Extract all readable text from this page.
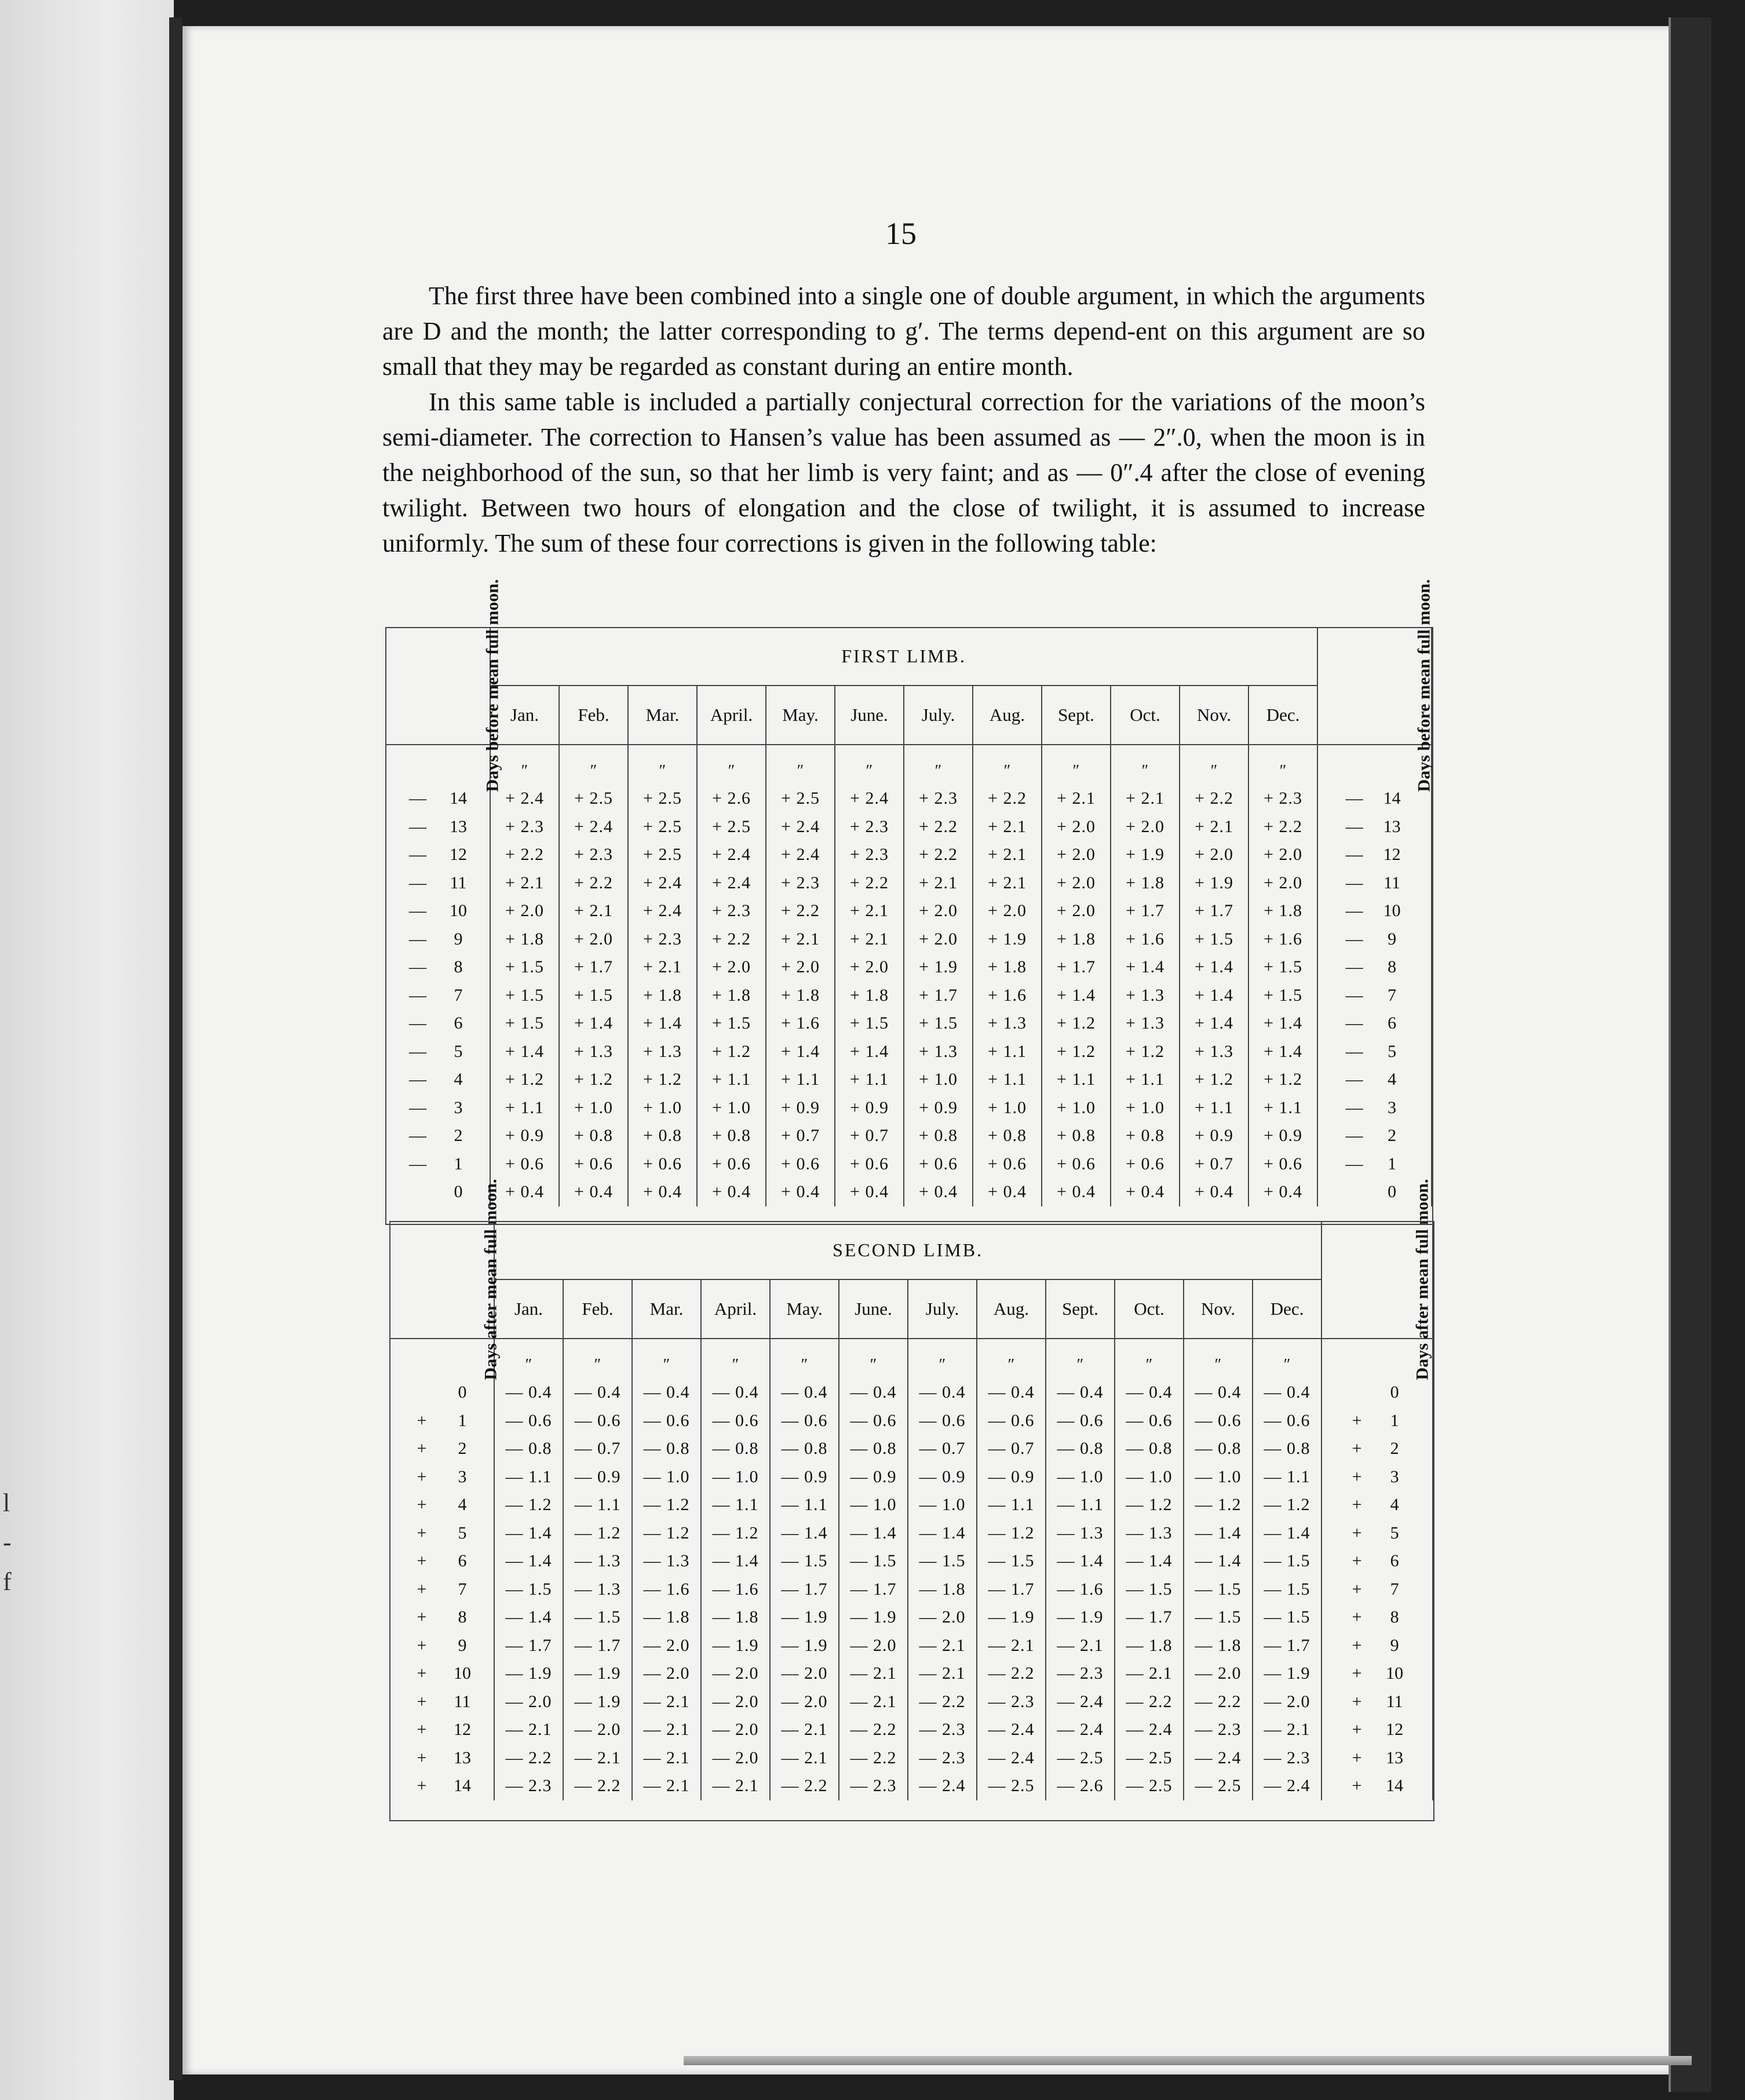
l
-
f
15

The first three have been combined into a single one of double argument, in which the arguments are D and the month; the latter corresponding to g′. The terms depend-ent on this argument are so small that they may be regarded as constant during an entire month.

In this same table is included a partially conjectural correction for the variations of the moon’s semi-diameter. The correction to Hansen’s value has been assumed as — 2″.0, when the moon is in the neighborhood of the sun, so that her limb is very faint; and as — 0″.4 after the close of evening twilight. Between two hours of elongation and the close of twilight, it is assumed to increase uniformly. The sum of these four corrections is given in the following table:

Days before mean full moon.	FIRST LIMB.												Days before mean full moon.
	Jan.	Feb.	Mar.	April.	May.	June.	July.	Aug.	Sept.	Oct.	Nov.	Dec.	

	″	″	″	″	″	″	″	″	″	″	″	″	
— 14	+ 2.4	+ 2.5	+ 2.5	+ 2.6	+ 2.5	+ 2.4	+ 2.3	+ 2.2	+ 2.1	+ 2.1	+ 2.2	+ 2.3	— 14
— 13	+ 2.3	+ 2.4	+ 2.5	+ 2.5	+ 2.4	+ 2.3	+ 2.2	+ 2.1	+ 2.0	+ 2.0	+ 2.1	+ 2.2	— 13
— 12	+ 2.2	+ 2.3	+ 2.5	+ 2.4	+ 2.4	+ 2.3	+ 2.2	+ 2.1	+ 2.0	+ 1.9	+ 2.0	+ 2.0	— 12
— 11	+ 2.1	+ 2.2	+ 2.4	+ 2.4	+ 2.3	+ 2.2	+ 2.1	+ 2.1	+ 2.0	+ 1.8	+ 1.9	+ 2.0	— 11
— 10	+ 2.0	+ 2.1	+ 2.4	+ 2.3	+ 2.2	+ 2.1	+ 2.0	+ 2.0	+ 2.0	+ 1.7	+ 1.7	+ 1.8	— 10
— 9	+ 1.8	+ 2.0	+ 2.3	+ 2.2	+ 2.1	+ 2.1	+ 2.0	+ 1.9	+ 1.8	+ 1.6	+ 1.5	+ 1.6	— 9
— 8	+ 1.5	+ 1.7	+ 2.1	+ 2.0	+ 2.0	+ 2.0	+ 1.9	+ 1.8	+ 1.7	+ 1.4	+ 1.4	+ 1.5	— 8
— 7	+ 1.5	+ 1.5	+ 1.8	+ 1.8	+ 1.8	+ 1.8	+ 1.7	+ 1.6	+ 1.4	+ 1.3	+ 1.4	+ 1.5	— 7
— 6	+ 1.5	+ 1.4	+ 1.4	+ 1.5	+ 1.6	+ 1.5	+ 1.5	+ 1.3	+ 1.2	+ 1.3	+ 1.4	+ 1.4	— 6
— 5	+ 1.4	+ 1.3	+ 1.3	+ 1.2	+ 1.4	+ 1.4	+ 1.3	+ 1.1	+ 1.2	+ 1.2	+ 1.3	+ 1.4	— 5
— 4	+ 1.2	+ 1.2	+ 1.2	+ 1.1	+ 1.1	+ 1.1	+ 1.0	+ 1.1	+ 1.1	+ 1.1	+ 1.2	+ 1.2	— 4
— 3	+ 1.1	+ 1.0	+ 1.0	+ 1.0	+ 0.9	+ 0.9	+ 0.9	+ 1.0	+ 1.0	+ 1.0	+ 1.1	+ 1.1	— 3
— 2	+ 0.9	+ 0.8	+ 0.8	+ 0.8	+ 0.7	+ 0.7	+ 0.8	+ 0.8	+ 0.8	+ 0.8	+ 0.9	+ 0.9	— 2
— 1	+ 0.6	+ 0.6	+ 0.6	+ 0.6	+ 0.6	+ 0.6	+ 0.6	+ 0.6	+ 0.6	+ 0.6	+ 0.7	+ 0.6	— 1
0	+ 0.4	+ 0.4	+ 0.4	+ 0.4	+ 0.4	+ 0.4	+ 0.4	+ 0.4	+ 0.4	+ 0.4	+ 0.4	+ 0.4	0
Days after mean full moon.	SECOND LIMB.												Days after mean full moon.
	Jan.	Feb.	Mar.	April.	May.	June.	July.	Aug.	Sept.	Oct.	Nov.	Dec.	

	″	″	″	″	″	″	″	″	″	″	″	″	
0	— 0.4	— 0.4	— 0.4	— 0.4	— 0.4	— 0.4	— 0.4	— 0.4	— 0.4	— 0.4	— 0.4	— 0.4	0
+ 1	— 0.6	— 0.6	— 0.6	— 0.6	— 0.6	— 0.6	— 0.6	— 0.6	— 0.6	— 0.6	— 0.6	— 0.6	+ 1
+ 2	— 0.8	— 0.7	— 0.8	— 0.8	— 0.8	— 0.8	— 0.7	— 0.7	— 0.8	— 0.8	— 0.8	— 0.8	+ 2
+ 3	— 1.1	— 0.9	— 1.0	— 1.0	— 0.9	— 0.9	— 0.9	— 0.9	— 1.0	— 1.0	— 1.0	— 1.1	+ 3
+ 4	— 1.2	— 1.1	— 1.2	— 1.1	— 1.1	— 1.0	— 1.0	— 1.1	— 1.1	— 1.2	— 1.2	— 1.2	+ 4
+ 5	— 1.4	— 1.2	— 1.2	— 1.2	— 1.4	— 1.4	— 1.4	— 1.2	— 1.3	— 1.3	— 1.4	— 1.4	+ 5
+ 6	— 1.4	— 1.3	— 1.3	— 1.4	— 1.5	— 1.5	— 1.5	— 1.5	— 1.4	— 1.4	— 1.4	— 1.5	+ 6
+ 7	— 1.5	— 1.3	— 1.6	— 1.6	— 1.7	— 1.7	— 1.8	— 1.7	— 1.6	— 1.5	— 1.5	— 1.5	+ 7
+ 8	— 1.4	— 1.5	— 1.8	— 1.8	— 1.9	— 1.9	— 2.0	— 1.9	— 1.9	— 1.7	— 1.5	— 1.5	+ 8
+ 9	— 1.7	— 1.7	— 2.0	— 1.9	— 1.9	— 2.0	— 2.1	— 2.1	— 2.1	— 1.8	— 1.8	— 1.7	+ 9
+ 10	— 1.9	— 1.9	— 2.0	— 2.0	— 2.0	— 2.1	— 2.1	— 2.2	— 2.3	— 2.1	— 2.0	— 1.9	+ 10
+ 11	— 2.0	— 1.9	— 2.1	— 2.0	— 2.0	— 2.1	— 2.2	— 2.3	— 2.4	— 2.2	— 2.2	— 2.0	+ 11
+ 12	— 2.1	— 2.0	— 2.1	— 2.0	— 2.1	— 2.2	— 2.3	— 2.4	— 2.4	— 2.4	— 2.3	— 2.1	+ 12
+ 13	— 2.2	— 2.1	— 2.1	— 2.0	— 2.1	— 2.2	— 2.3	— 2.4	— 2.5	— 2.5	— 2.4	— 2.3	+ 13
+ 14	— 2.3	— 2.2	— 2.1	— 2.1	— 2.2	— 2.3	— 2.4	— 2.5	— 2.6	— 2.5	— 2.5	— 2.4	+ 14
